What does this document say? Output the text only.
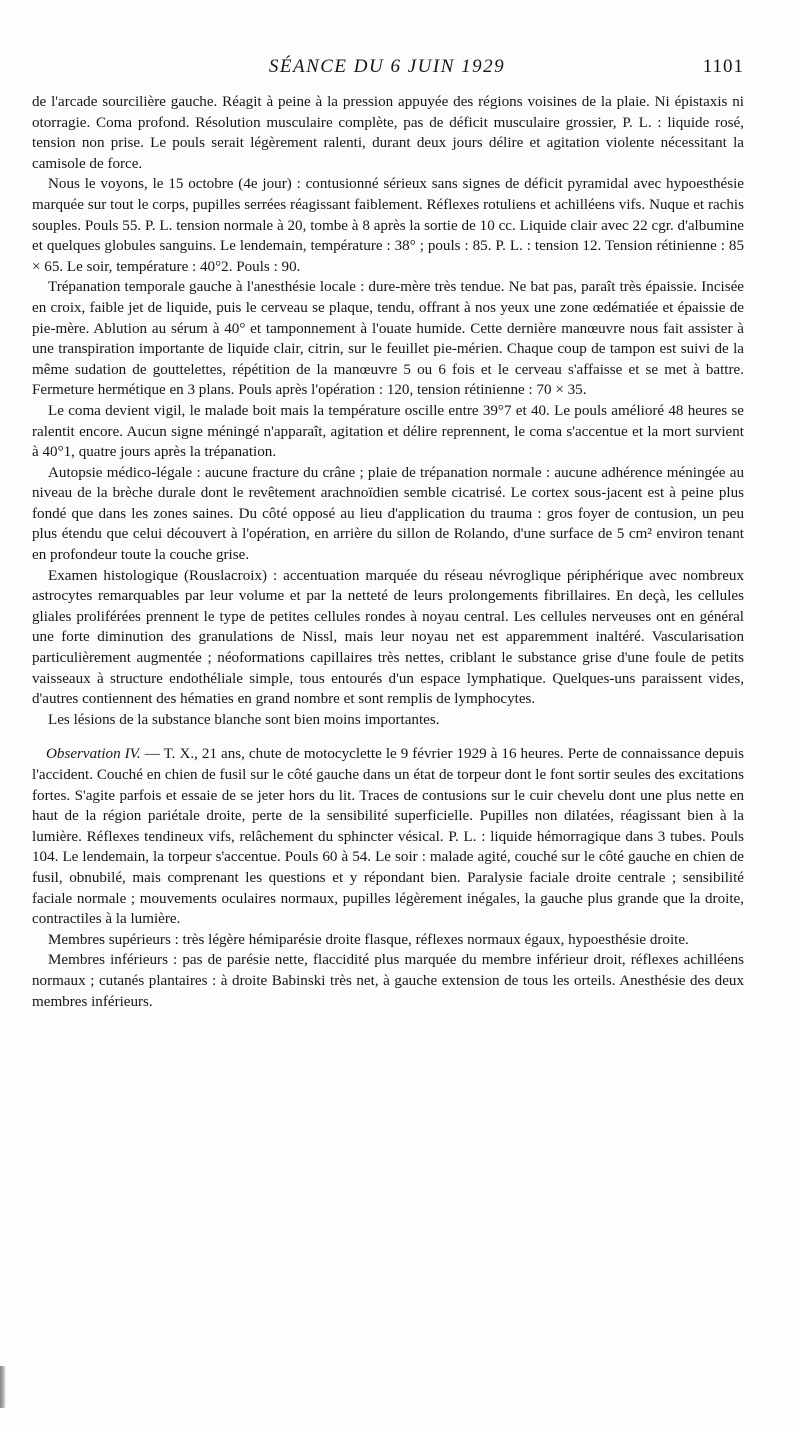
SÉANCE DU 6 JUIN 1929	1101

de l'arcade sourcilière gauche. Réagit à peine à la pression appuyée des régions voisines de la plaie. Ni épistaxis ni otorragie. Coma profond. Résolution musculaire complète, pas de déficit musculaire grossier, P. L. : liquide rosé, tension non prise. Le pouls serait légèrement ralenti, durant deux jours délire et agitation violente nécessitant la camisole de force.

Nous le voyons, le 15 octobre (4e jour) : contusionné sérieux sans signes de déficit pyramidal avec hypoesthésie marquée sur tout le corps, pupilles serrées réagissant faiblement. Réflexes rotuliens et achilléens vifs. Nuque et rachis souples. Pouls 55. P. L. tension normale à 20, tombe à 8 après la sortie de 10 cc. Liquide clair avec 22 cgr. d'albumine et quelques globules sanguins. Le lendemain, température : 38° ; pouls : 85. P. L. : tension 12. Tension rétinienne : 85 × 65. Le soir, température : 40°2. Pouls : 90.

Trépanation temporale gauche à l'anesthésie locale : dure-mère très tendue. Ne bat pas, paraît très épaissie. Incisée en croix, faible jet de liquide, puis le cerveau se plaque, tendu, offrant à nos yeux une zone œdématiée et épaissie de pie-mère. Ablution au sérum à 40° et tamponnement à l'ouate humide. Cette dernière manœuvre nous fait assister à une transpiration importante de liquide clair, citrin, sur le feuillet pie-mérien. Chaque coup de tampon est suivi de la même sudation de gouttelettes, répétition de la manœuvre 5 ou 6 fois et le cerveau s'affaisse et se met à battre. Fermeture hermétique en 3 plans. Pouls après l'opération : 120, tension rétinienne : 70 × 35.

Le coma devient vigil, le malade boit mais la température oscille entre 39°7 et 40. Le pouls amélioré 48 heures se ralentit encore. Aucun signe méningé n'apparaît, agitation et délire reprennent, le coma s'accentue et la mort survient à 40°1, quatre jours après la trépanation.

Autopsie médico-légale : aucune fracture du crâne ; plaie de trépanation normale : aucune adhérence méningée au niveau de la brèche durale dont le revêtement arachnoïdien semble cicatrisé. Le cortex sous-jacent est à peine plus fondé que dans les zones saines. Du côté opposé au lieu d'application du trauma : gros foyer de contusion, un peu plus étendu que celui découvert à l'opération, en arrière du sillon de Rolando, d'une surface de 5 cm² environ tenant en profondeur toute la couche grise.

Examen histologique (Rouslacroix) : accentuation marquée du réseau névroglique périphérique avec nombreux astrocytes remarquables par leur volume et par la netteté de leurs prolongements fibrillaires. En deçà, les cellules gliales proliférées prennent le type de petites cellules rondes à noyau central. Les cellules nerveuses ont en général une forte diminution des granulations de Nissl, mais leur noyau net est apparemment inaltéré. Vascularisation particulièrement augmentée ; néoformations capillaires très nettes, criblant le substance grise d'une foule de petits vaisseaux à structure endothéliale simple, tous entourés d'un espace lymphatique. Quelques-uns paraissent vides, d'autres contiennent des hématies en grand nombre et sont remplis de lymphocytes.

Les lésions de la substance blanche sont bien moins importantes.

Observation IV. — T. X., 21 ans, chute de motocyclette le 9 février 1929 à 16 heures. Perte de connaissance depuis l'accident. Couché en chien de fusil sur le côté gauche dans un état de torpeur dont le font sortir seules des excitations fortes. S'agite parfois et essaie de se jeter hors du lit. Traces de contusions sur le cuir chevelu dont une plus nette en haut de la région pariétale droite, perte de la sensibilité superficielle. Pupilles non dilatées, réagissant bien à la lumière. Réflexes tendineux vifs, relâchement du sphincter vésical. P. L. : liquide hémorragique dans 3 tubes. Pouls 104. Le lendemain, la torpeur s'accentue. Pouls 60 à 54. Le soir : malade agité, couché sur le côté gauche en chien de fusil, obnubilé, mais comprenant les questions et y répondant bien. Paralysie faciale droite centrale ; sensibilité faciale normale ; mouvements oculaires normaux, pupilles légèrement inégales, la gauche plus grande que la droite, contractiles à la lumière.

Membres supérieurs : très légère hémiparésie droite flasque, réflexes normaux égaux, hypoesthésie droite.

Membres inférieurs : pas de parésie nette, flaccidité plus marquée du membre inférieur droit, réflexes achilléens normaux ; cutanés plantaires : à droite Babinski très net, à gauche extension de tous les orteils. Anesthésie des deux membres inférieurs.
